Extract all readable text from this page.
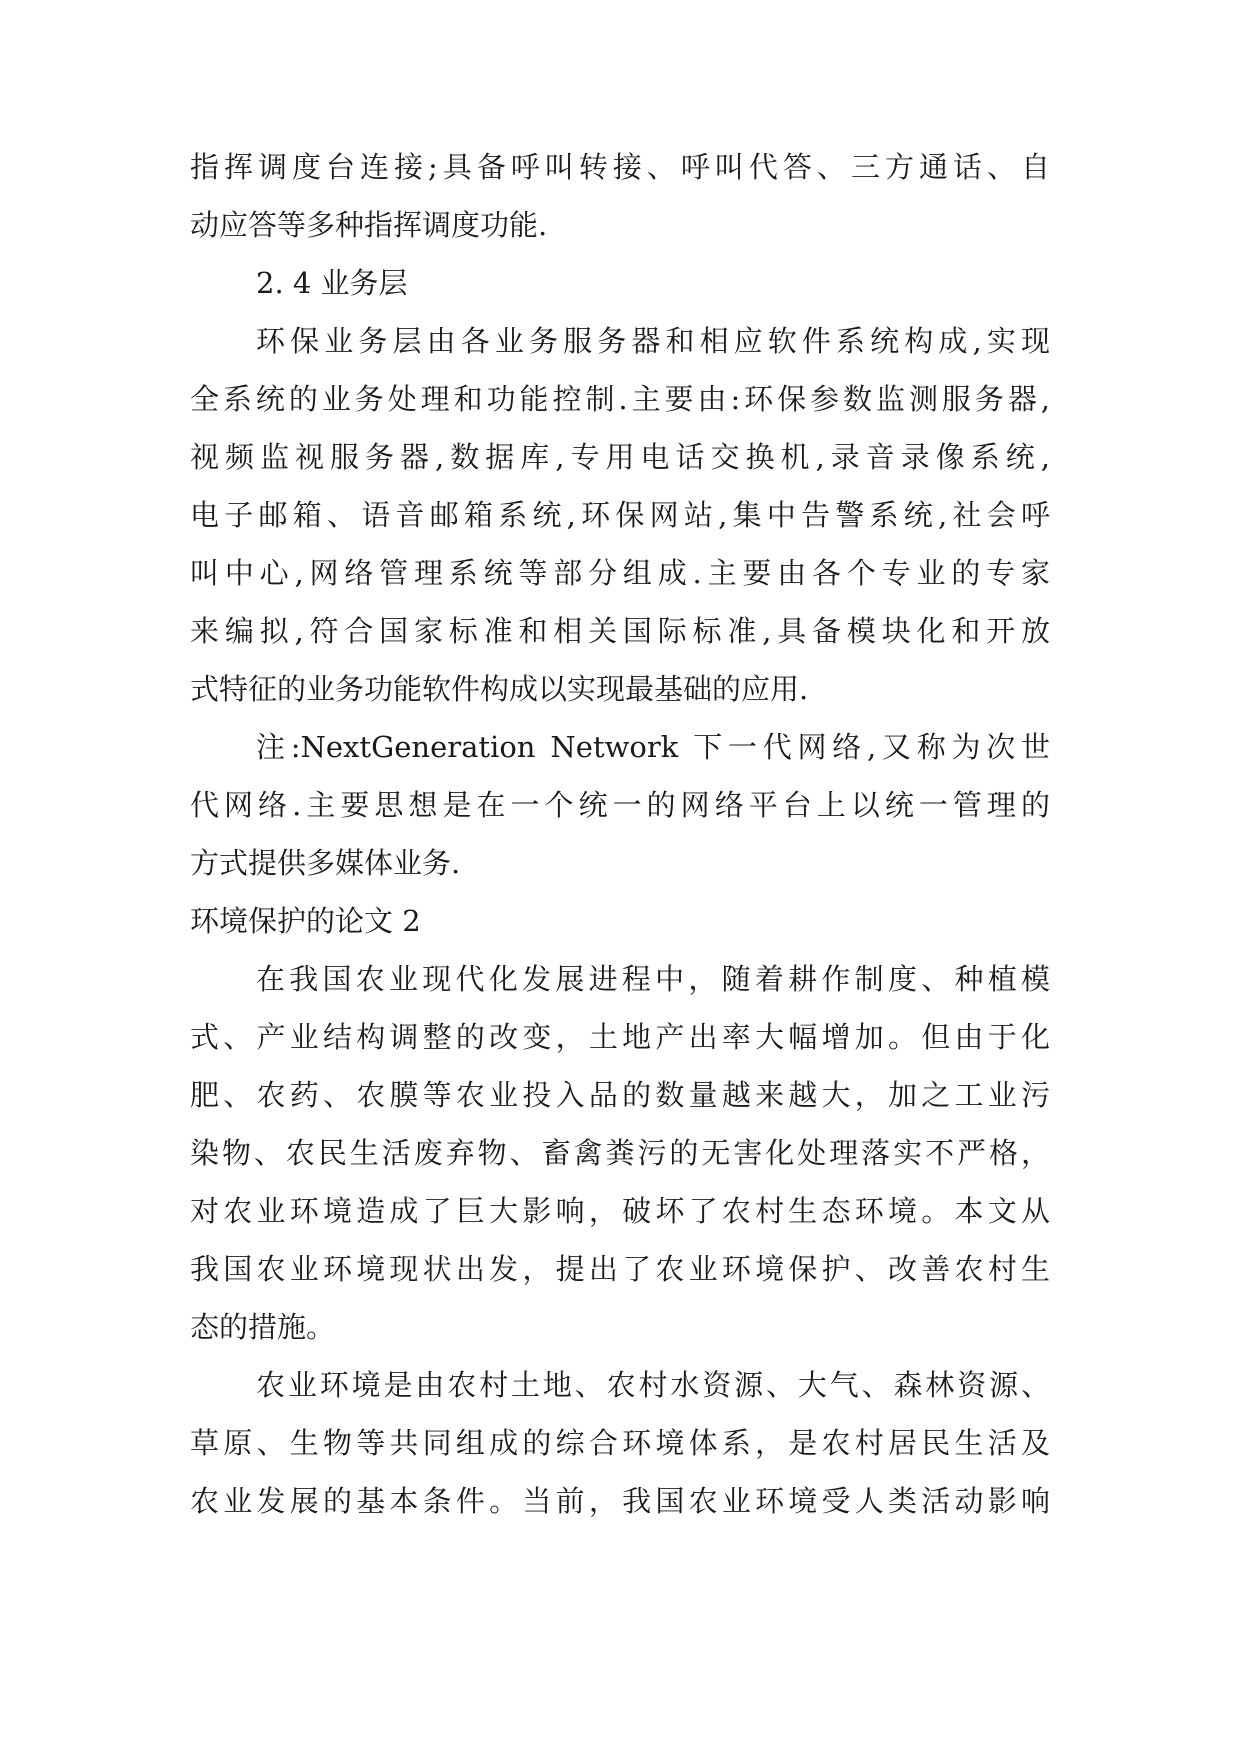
指挥调度台连接;具备呼叫转接、呼叫代答、三方通话、自
动应答等多种指挥调度功能.
2. 4 业务层
环保业务层由各业务服务器和相应软件系统构成,实现
全系统的业务处理和功能控制.主要由:环保参数监测服务器,
视频监视服务器,数据库,专用电话交换机,录音录像系统,
电子邮箱、语音邮箱系统,环保网站,集中告警系统,社会呼
叫中心,网络管理系统等部分组成.主要由各个专业的专家
来编拟,符合国家标准和相关国际标准,具备模块化和开放
式特征的业务功能软件构成以实现最基础的应用.
注:NextGeneration Network 下一代网络,又称为次世
代网络.主要思想是在一个统一的网络平台上以统一管理的
方式提供多媒体业务.
环境保护的论文 2
在我国农业现代化发展进程中，随着耕作制度、种植模
式、产业结构调整的改变，土地产出率大幅增加。但由于化
肥、农药、农膜等农业投入品的数量越来越大，加之工业污
染物、农民生活废弃物、畜禽粪污的无害化处理落实不严格，
对农业环境造成了巨大影响，破坏了农村生态环境。本文从
我国农业环境现状出发，提出了农业环境保护、改善农村生
态的措施。
农业环境是由农村土地、农村水资源、大气、森林资源、
草原、生物等共同组成的综合环境体系，是农村居民生活及
农业发展的基本条件。当前，我国农业环境受人类活动影响
